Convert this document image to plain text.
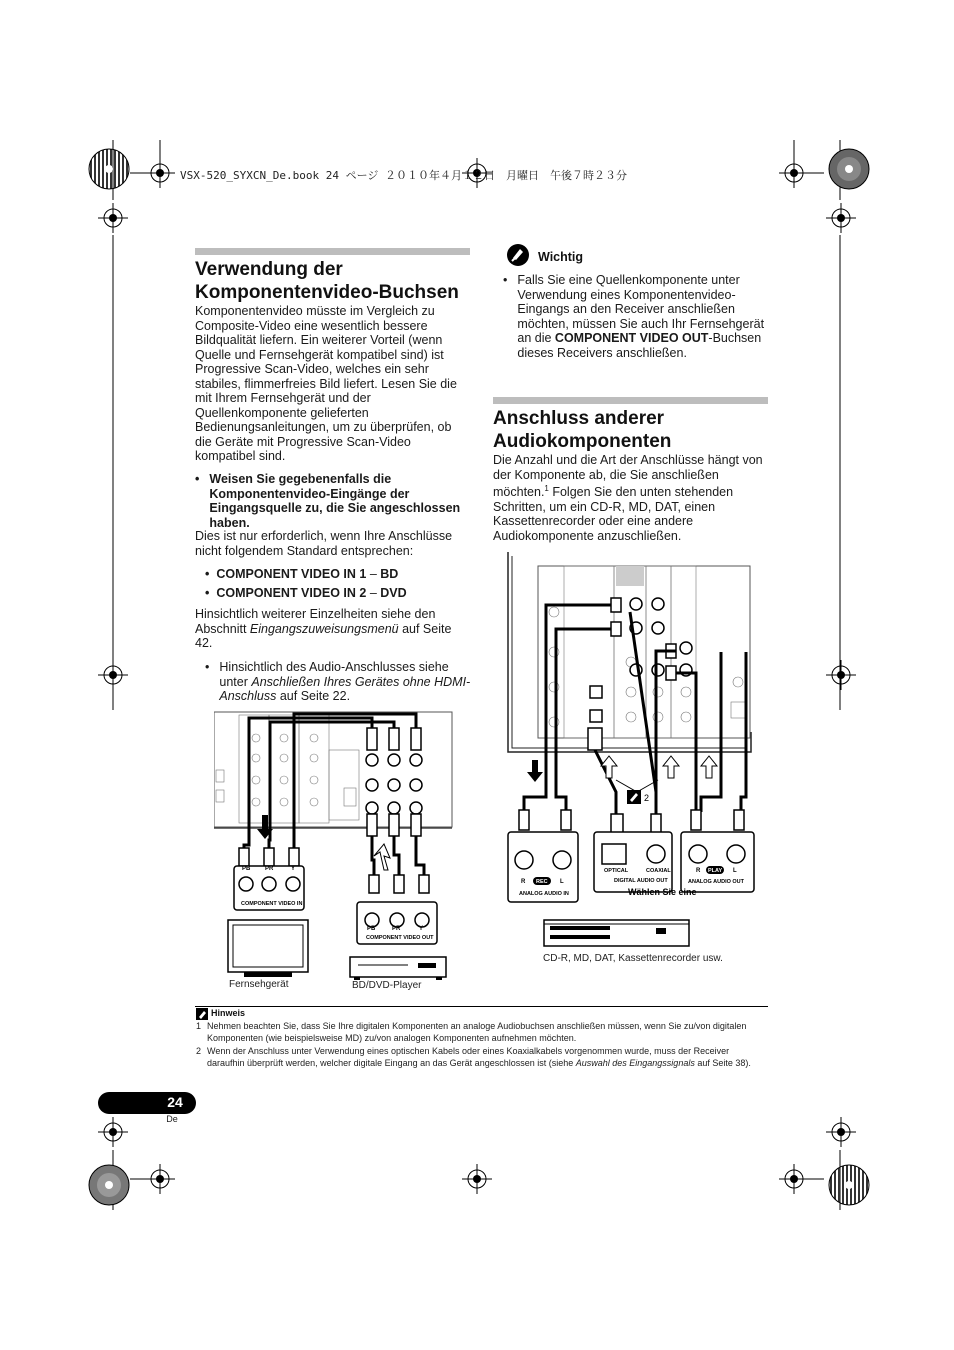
VSX-520_SYXCN_De.book 24 ページ ２０１０年４月１２日　月曜日　午後７時２３分
Verwendung der
Komponentenvideo-Buchsen
Komponentenvideo müsste im Vergleich zu Composite-Video eine wesentlich bessere Bildqualität liefern. Ein weiterer Vorteil (wenn Quelle und Fernsehgerät kompatibel sind) ist Progressive Scan-Video, welches ein sehr stabiles, flimmerfreies Bild liefert. Lesen Sie die mit Ihrem Fernsehgerät und der Quellenkomponente gelieferten Bedienungsanleitungen, um zu überprüfen, ob die Geräte mit Progressive Scan-Video kompatibel sind.
• Weisen Sie gegebenenfalls die Komponentenvideo-Eingänge der Eingangsquelle zu, die Sie angeschlossen haben.
Dies ist nur erforderlich, wenn Ihre Anschlüsse nicht folgendem Standard entsprechen:
•  COMPONENT VIDEO IN 1 – BD
•  COMPONENT VIDEO IN 2 – DVD
Hinsichtlich weiterer Einzelheiten siehe den Abschnitt Eingangszuweisungsmenü auf Seite 42.
• Hinsichtlich des Audio-Anschlusses siehe unter Anschließen Ihres Gerätes ohne HDMI-Anschluss auf Seite 22.
PB PR	Y
COMPONENT VIDEO IN
PB	PR	Y
COMPONENT VIDEO OUT
Fernsehgerät	BD/DVD-Player
Wichtig
• Falls Sie eine Quellenkomponente unter Verwendung eines Komponentenvideo-Eingangs an den Receiver anschließen möchten, müssen Sie auch Ihr Fernsehgerät an die COMPONENT VIDEO OUT-Buchsen dieses Receivers anschließen.
Anschluss anderer
Audiokomponenten
Die Anzahl und die Art der Anschlüsse hängt von der Komponente ab, die Sie anschließen möchten.$^1$ Folgen Sie den unten stehenden Schritten, um ein CD-R, MD, DAT, einen Kassettenrecorder oder eine andere Audiokomponente anzuschließen.
2
R REC L
ANALOG AUDIO IN
OPTICAL	COAXIAL
DIGITAL AUDIO OUT
R PLAY L
ANALOG AUDIO OUT
Wählen Sie eine
CD-R, MD, DAT, Kassettenrecorder usw.
Hinweis
1 Nehmen beachten Sie, dass Sie Ihre digitalen Komponenten an analoge Audiobuchsen anschließen müssen, wenn Sie zu/von digitalen Komponenten (wie beispielsweise MD) zu/von analogen Komponenten aufnehmen möchten.
2 Wenn der Anschluss unter Verwendung eines optischen Kabels oder eines Koaxialkabels vorgenommen wurde, muss der Receiver daraufhin überprüft werden, welcher digitale Eingang an das Gerät angeschlossen ist (siehe Auswahl des Eingangssignals auf Seite 38).
24
De
